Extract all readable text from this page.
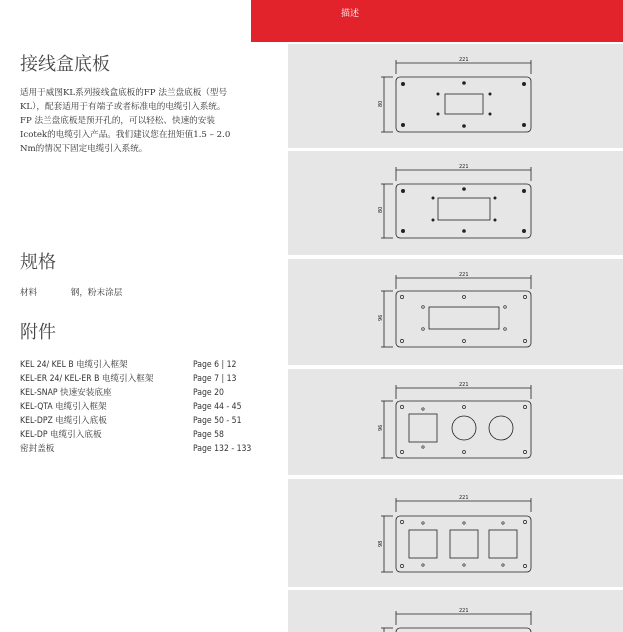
描述
接线盒底板
适用于威图KL系列接线盒底板的FP 法兰盘底板（型号KL），配套适用于有端子或者标准电的电缆引入系统。 FP 法兰盘底板是预开孔的，可以轻松、快速的安装Icotek的电缆引入产品。我们建议您在扭矩值1.5 – 2.0 Nm的情况下固定电缆引入系统。
规格
材料	钢，粉末涂层
附件
KEL 24/ KEL B 电缆引入框架	Page 6 | 12
KEL-ER 24/ KEL-ER B 电缆引入框架	Page 7 | 13
KEL-SNAP 快速安装底座	Page 20
KEL-QTA 电缆引入框架	Page 44 - 45
KEL-DPZ 电缆引入底板	Page 50 - 51
KEL-DP 电缆引入底板	Page 58
密封盖板	Page 132 - 133
221
221
221
221
221
221
80
80
96
96
98
